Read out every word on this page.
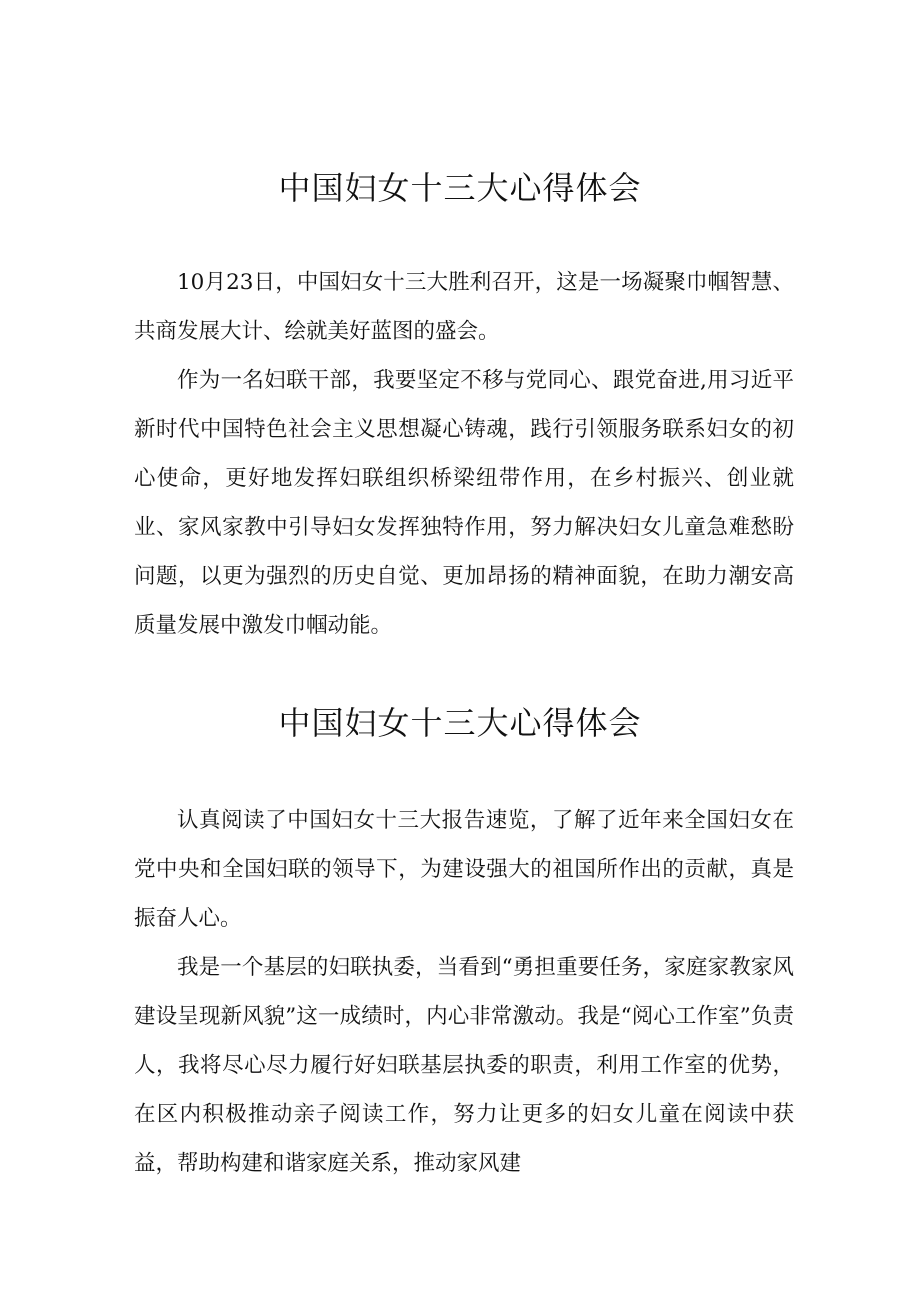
中国妇女十三大心得体会

10月23日，中国妇女十三大胜利召开，这是一场凝聚巾帼智慧、共商发展大计、绘就美好蓝图的盛会。

作为一名妇联干部，我要坚定不移与党同心、跟党奋进,用习近平新时代中国特色社会主义思想凝心铸魂，践行引领服务联系妇女的初心使命，更好地发挥妇联组织桥梁纽带作用，在乡村振兴、创业就业、家风家教中引导妇女发挥独特作用，努力解决妇女儿童急难愁盼问题，以更为强烈的历史自觉、更加昂扬的精神面貌，在助力潮安高质量发展中激发巾帼动能。

中国妇女十三大心得体会

认真阅读了中国妇女十三大报告速览，了解了近年来全国妇女在党中央和全国妇联的领导下，为建设强大的祖国所作出的贡献，真是振奋人心。

我是一个基层的妇联执委，当看到“勇担重要任务，家庭家教家风建设呈现新风貌”这一成绩时，内心非常激动。我是“阅心工作室”负责人，我将尽心尽力履行好妇联基层执委的职责，利用工作室的优势，在区内积极推动亲子阅读工作，努力让更多的妇女儿童在阅读中获益，帮助构建和谐家庭关系，推动家风建
